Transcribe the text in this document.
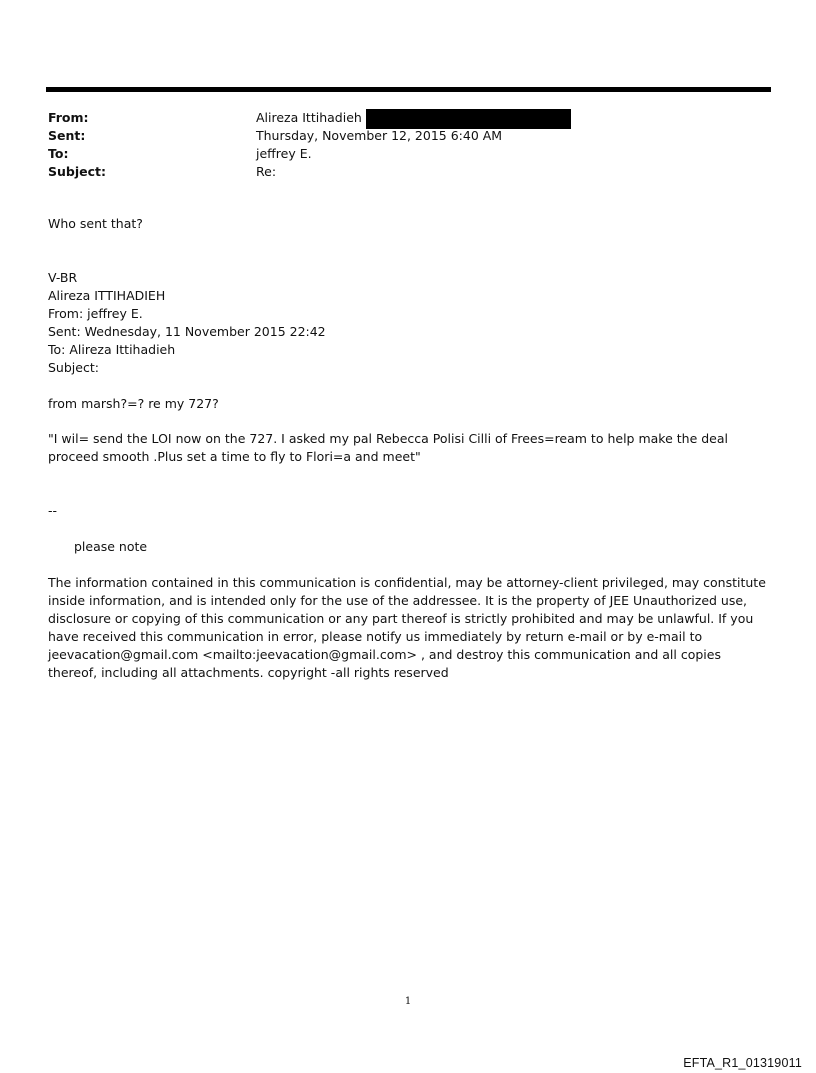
From:	Alireza Ittihadieh
Sent:	Thursday, November 12, 2015 6:40 AM
To:	jeffrey E.
Subject:	Re:
Who sent that?
V-BR
Alireza ITTIHADIEH
From: jeffrey E.
Sent: Wednesday, 11 November 2015 22:42
To: Alireza Ittihadieh
Subject:
from marsh?=? re my 727?
"I wil= send the LOI now on the 727. I asked my pal Rebecca Polisi Cilli of Frees=ream to help make the deal proceed smooth .Plus set a time to fly to Flori=a and meet"
--
please note
The information contained in this communication is confidential, may be attorney-client privileged, may constitute inside information, and is intended only for the use of the addressee. It is the property of JEE Unauthorized use, disclosure or copying of this communication or any part thereof is strictly prohibited and may be unlawful. If you have received this communication in error, please notify us immediately by return e-mail or by e-mail to jeevacation@gmail.com <mailto:jeevacation@gmail.com> , and destroy this communication and all copies thereof, including all attachments. copyright -all rights reserved
1
EFTA_R1_01319011
